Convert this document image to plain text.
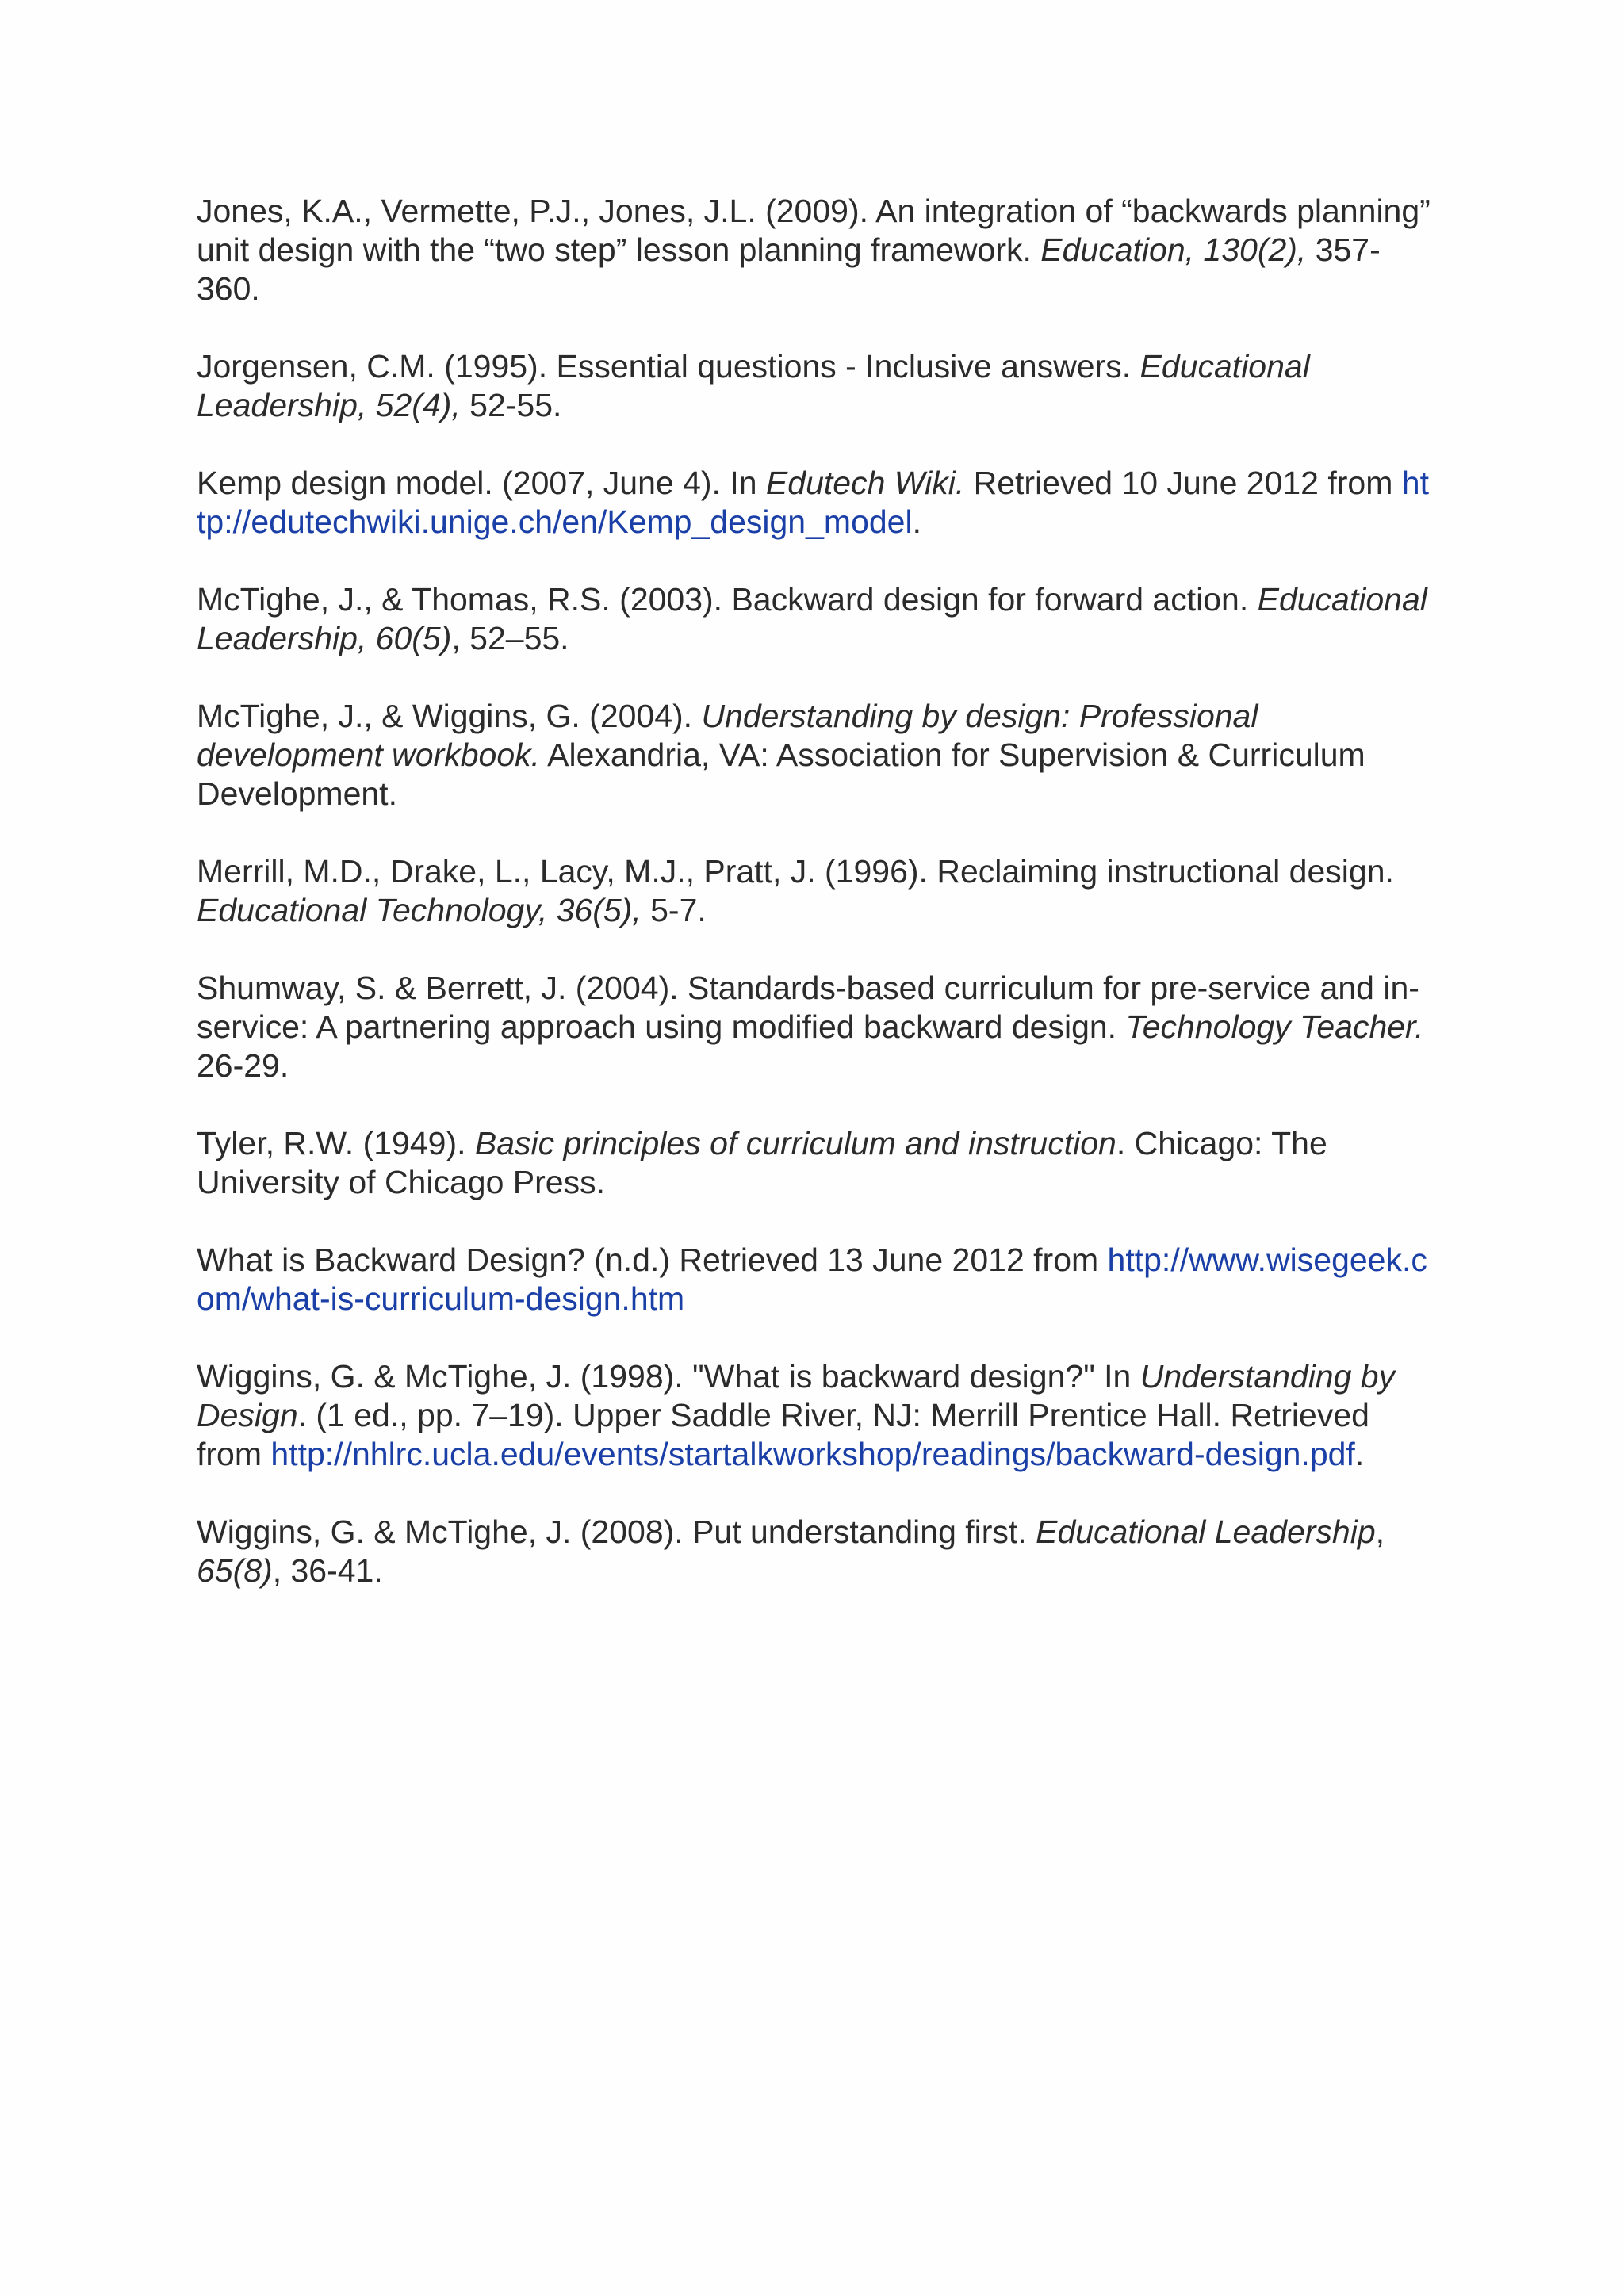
Jones, K.A., Vermette, P.J., Jones, J.L. (2009). An integration of “backwards planning” unit design with the “two step” lesson planning framework. Education, 130(2), 357-360.

Jorgensen, C.M. (1995). Essential questions - Inclusive answers. Educational Leadership, 52(4), 52-55.

Kemp design model. (2007, June 4). In Edutech Wiki. Retrieved 10 June 2012 from http://edutechwiki.unige.ch/en/Kemp_design_model.

McTighe, J., & Thomas, R.S. (2003). Backward design for forward action. Educational Leadership, 60(5), 52–55.

McTighe, J., & Wiggins, G. (2004). Understanding by design: Professional development workbook. Alexandria, VA: Association for Supervision & Curriculum Development.

Merrill, M.D., Drake, L., Lacy, M.J., Pratt, J. (1996). Reclaiming instructional design. Educational Technology, 36(5), 5-7.

Shumway, S. & Berrett, J. (2004). Standards-based curriculum for pre-service and in-service: A partnering approach using modified backward design. Technology Teacher. 26-29.

Tyler, R.W. (1949). Basic principles of curriculum and instruction. Chicago: The University of Chicago Press.

What is Backward Design? (n.d.) Retrieved 13 June 2012 from http://www.wisegeek.com/what-is-curriculum-design.htm

Wiggins, G. & McTighe, J. (1998). "What is backward design?" In Understanding by Design. (1 ed., pp. 7–19). Upper Saddle River, NJ: Merrill Prentice Hall. Retrieved from http://nhlrc.ucla.edu/events/startalkworkshop/readings/backward-design.pdf.

Wiggins, G. & McTighe, J. (2008). Put understanding first. Educational Leadership, 65(8), 36-41.
